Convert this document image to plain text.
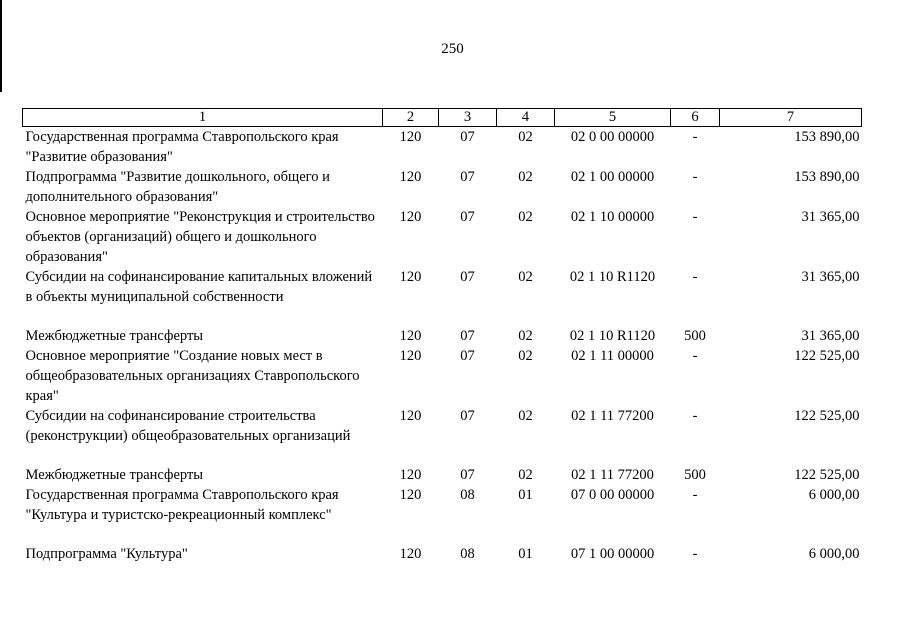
250
1	2	3	4	5	6	7
Государственная программа Ставропольского края "Развитие образования"	120	07	02	02 0 00 00000	-	153 890,00
Подпрограмма "Развитие дошкольного, общего и дополнительного образования"	120	07	02	02 1 00 00000	-	153 890,00
Основное мероприятие "Реконструкция и строительство объектов (организаций) общего и дошкольного образования"	120	07	02	02 1 10 00000	-	31 365,00
Субсидии на софинансирование капитальных вложений в объекты муниципальной собственности	120	07	02	02 1 10 R1120	-	31 365,00
Межбюджетные трансферты	120	07	02	02 1 10 R1120	500	31 365,00
Основное мероприятие "Создание новых мест в общеобразовательных организациях Ставропольского края"	120	07	02	02 1 11 00000	-	122 525,00
Субсидии на софинансирование строительства (реконструкции) общеобразовательных организаций	120	07	02	02 1 11 77200	-	122 525,00
Межбюджетные трансферты	120	07	02	02 1 11 77200	500	122 525,00
Государственная программа Ставропольского края "Культура и туристско-рекреационный комплекс"	120	08	01	07 0 00 00000	-	6 000,00
Подпрограмма "Культура"	120	08	01	07 1 00 00000	-	6 000,00
